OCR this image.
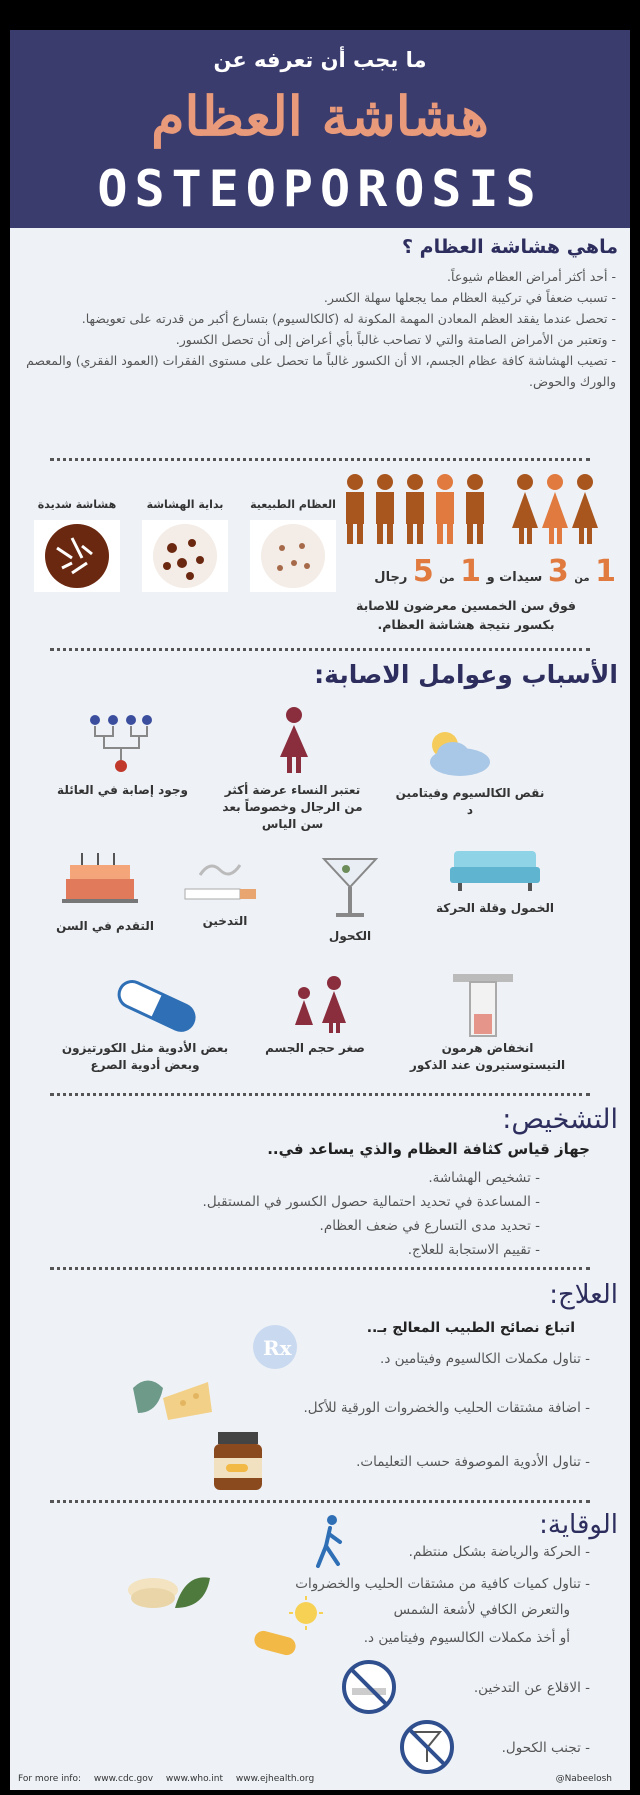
ما يجب أن تعرفه عن
هشاشة العظام
OSTEOPOROSIS
ماهي هشاشة العظام ؟
- أحد أكثر أمراض العظام شيوعاً.
- تسبب ضعفاً في تركيبة العظام مما يجعلها سهلة الكسر.
- تحصل عندما يفقد العظم المعادن المهمة المكونة له (كالكالسيوم) بتسارع أكبر من قدرته على تعويضها.
- وتعتبر من الأمراض الصامتة والتي لا تصاحب غالباً بأي أعراض إلى أن تحصل الكسور.
- تصيب الهشاشة كافة عظام الجسم، الا أن الكسور غالباً ما تحصل على مستوى الفقرات (العمود الفقري) والمعصم والورك والحوض.
العظام الطبيعية
بداية الهشاشة
هشاشة شديدة
1 من 3 سيدات و 1 من 5 رجال
فوق سن الخمسين معرضون للاصابة
بكسور نتيجة هشاشة العظام.
الأسباب وعوامل الاصابة:
نقص الكالسيوم وفيتامين د
تعتبر النساء عرضة أكثر من الرجال وخصوصاً بعد سن الياس
وجود إصابة في العائلة
الخمول وقلة الحركة
الكحول
التدخين
التقدم في السن
انخفاض هرمون التيستوستيرون عند الذكور
صغر حجم الجسم
بعض الأدوية مثل الكورتيزون وبعض أدوية الصرع
التشخيص:
جهاز قياس كثافة العظام والذي يساعد في..
- تشخيص الهشاشة.
- المساعدة في تحديد احتمالية حصول الكسور في المستقبل.
- تحديد مدى التسارع في ضعف العظام.
- تقييم الاستجابة للعلاج.
العلاج:
اتباع نصائح الطبيب المعالج بـ..
Rx	- تناول مكملات الكالسيوم وفيتامين د.
- اضافة مشتقات الحليب والخضروات الورقية للأكل.
- تناول الأدوية الموصوفة حسب التعليمات.
الوقاية:
- الحركة والرياضة بشكل منتظم.
- تناول كميات كافية من مشتقات الحليب والخضروات
والتعرض الكافي لأشعة الشمس
أو أخذ مكملات الكالسيوم وفيتامين د.
- الاقلاع عن التدخين.
- تجنب الكحول.
For more info: www.cdc.gov www.who.int www.ejhealth.org	@Nabeelosh
